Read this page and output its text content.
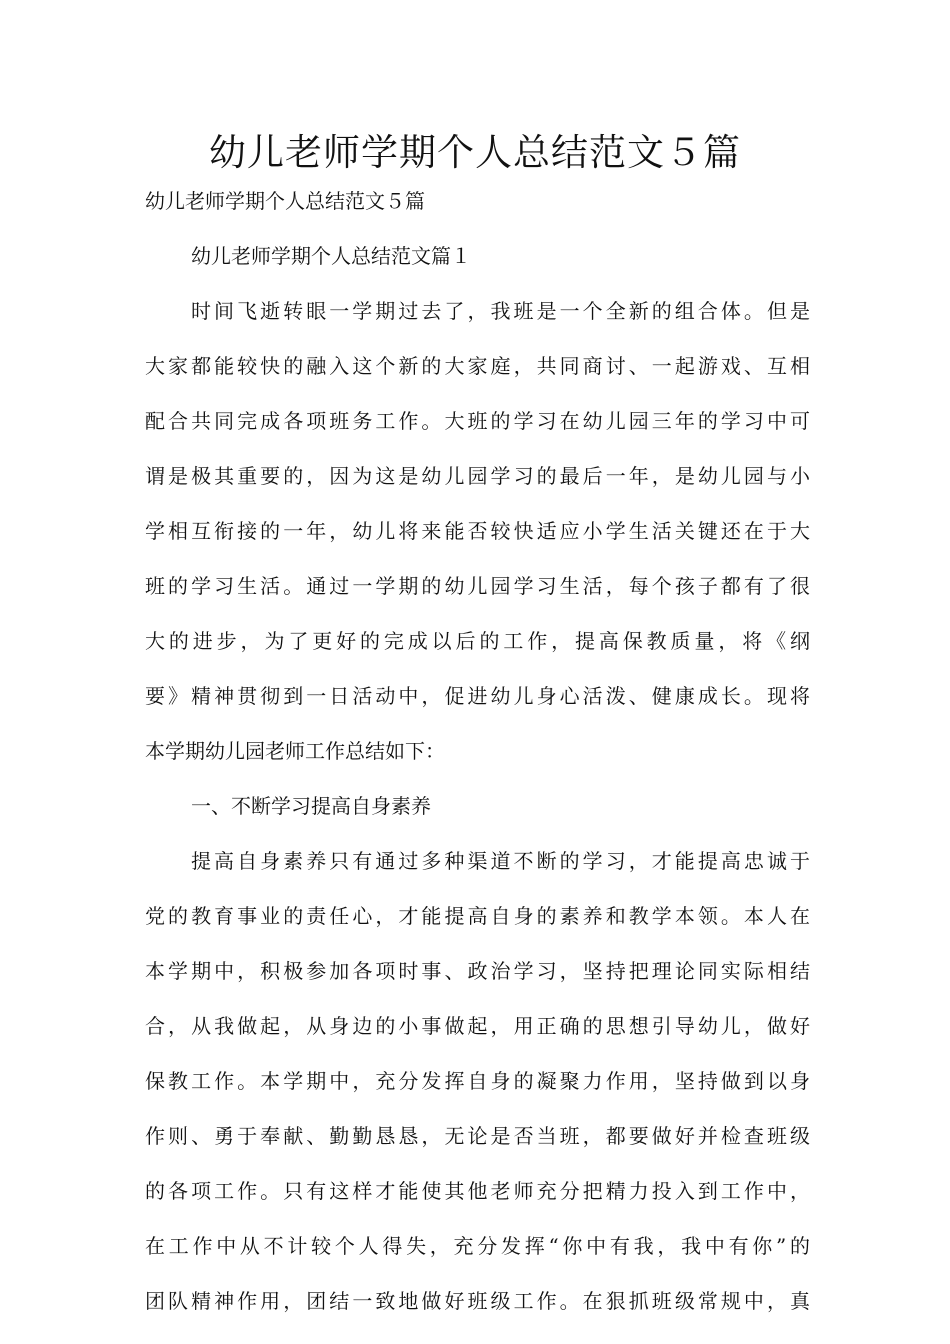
幼儿老师学期个人总结范文５篇
幼儿老师学期个人总结范文５篇
幼儿老师学期个人总结范文篇１
时间飞逝转眼一学期过去了，我班是一个全新的组合体。但是
大家都能较快的融入这个新的大家庭，共同商讨、一起游戏、互相
配合共同完成各项班务工作。大班的学习在幼儿园三年的学习中可
谓是极其重要的，因为这是幼儿园学习的最后一年，是幼儿园与小
学相互衔接的一年，幼儿将来能否较快适应小学生活关键还在于大
班的学习生活。通过一学期的幼儿园学习生活，每个孩子都有了很
大的进步，为了更好的完成以后的工作，提高保教质量，将《纲
要》精神贯彻到一日活动中，促进幼儿身心活泼、健康成长。现将
本学期幼儿园老师工作总结如下：
一、不断学习提高自身素养
提高自身素养只有通过多种渠道不断的学习，才能提高忠诚于
党的教育事业的责任心，才能提高自身的素养和教学本领。本人在
本学期中，积极参加各项时事、政治学习，坚持把理论同实际相结
合，从我做起，从身边的小事做起，用正确的思想引导幼儿，做好
保教工作。本学期中，充分发挥自身的凝聚力作用，坚持做到以身
作则、勇于奉献、勤勤恳恳，无论是否当班，都要做好并检查班级
的各项工作。只有这样才能使其他老师充分把精力投入到工作中，
在工作中从不计较个人得失，充分发挥“你中有我，我中有你”的
团队精神作用，团结一致地做好班级工作。在狠抓班级常规中，真
